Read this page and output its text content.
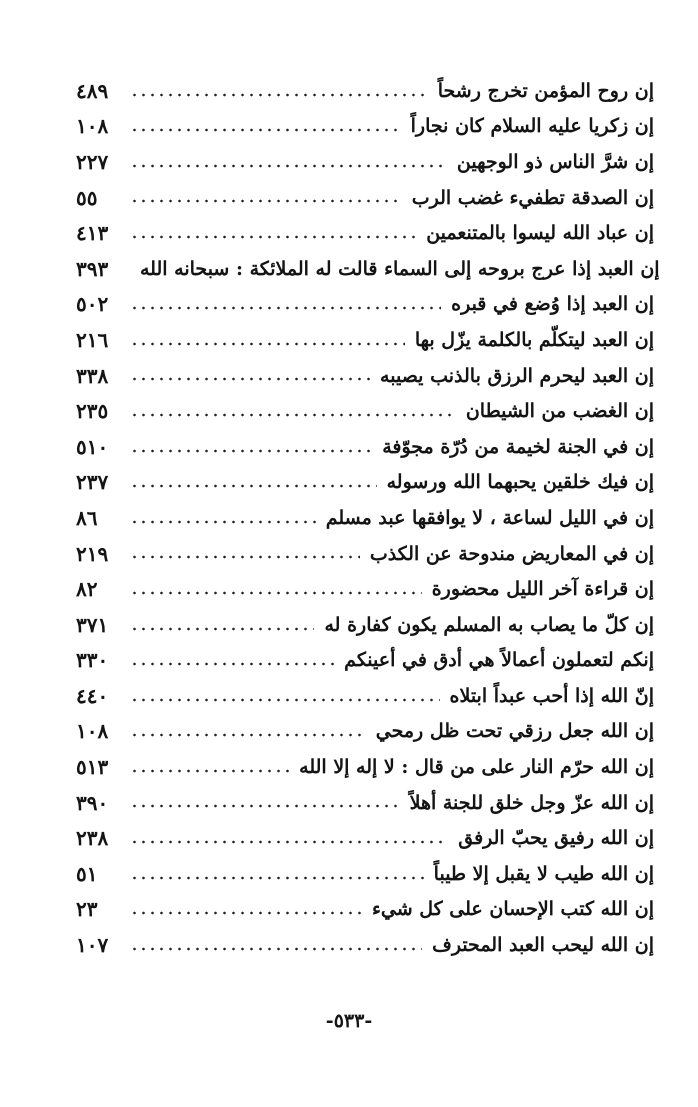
٤٨٩	إن روح المؤمن تخرج رشحاً
١٠٨	إن زكريا عليه السلام كان نجاراً
٢٢٧	إن شرَّ الناس ذو الوجهين
٥٥	إن الصدقة تطفيء غضب الرب
٤١٣	إن عباد الله ليسوا بالمتنعمين
٣٩٣	إن العبد إذا عرج بروحه إلى السماء قالت له الملائكة : سبحانه الله
٥٠٢	إن العبد إذا وُضع في قبره
٢١٦	إن العبد ليتكلّم بالكلمة يزّل بها
٣٣٨	إن العبد ليحرم الرزق بالذنب يصيبه
٢٣٥	إن الغضب من الشيطان
٥١٠	إن في الجنة لخيمة من دُرّة مجوّفة
٢٣٧	إن فيك خلقين يحبهما الله ورسوله
٨٦	إن في الليل لساعة ، لا يوافقها عبد مسلم
٢١٩	إن في المعاريض مندوحة عن الكذب
٨٢	إن قراءة آخر الليل محضورة
٣٧١	إن كلّ ما يصاب به المسلم يكون كفارة له
٣٣٠	إنكم لتعملون أعمالاً هي أدق في أعينكم
٤٤٠	إنّ الله إذا أحب عبداً ابتلاه
١٠٨	إن الله جعل رزقي تحت ظل رمحي
٥١٣	إن الله حرّم النار على من قال : لا إله إلا الله
٣٩٠	إن الله عزّ وجل خلق للجنة أهلاً
٢٣٨	إن الله رفيق يحبّ الرفق
٥١	إن الله طيب لا يقبل إلا طيباً
٢٣	إن الله كتب الإحسان على كل شيء
١٠٧	إن الله ليحب العبد المحترف
-٥٣٣-
